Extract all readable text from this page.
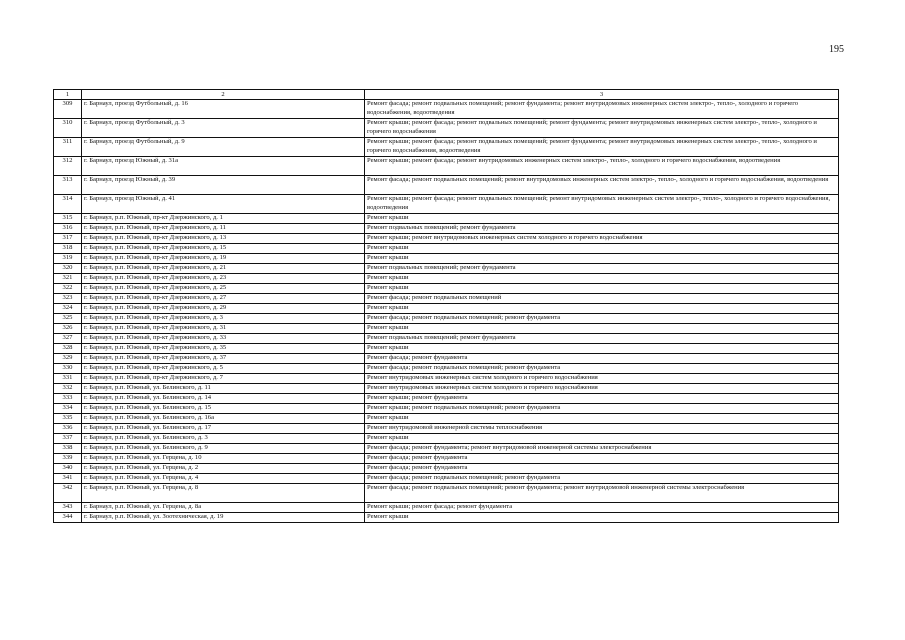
195
1	2	3
309	г. Барнаул, проезд Футбольный, д. 16	Ремонт фасада; ремонт подвальных помещений; ремонт фундамента; ремонт внутридомовых инженерных систем электро-, тепло-, холодного и горячего водоснабжения, водоотведения
310	г. Барнаул, проезд Футбольный, д. 3	Ремонт крыши; ремонт фасада; ремонт подвальных помещений; ремонт фундамента; ремонт внутридомовых инженерных систем электро-, тепло-, холодного и горячего водоснабжения
311	г. Барнаул, проезд Футбольный, д. 9	Ремонт крыши; ремонт фасада; ремонт подвальных помещений; ремонт фундамента; ремонт внутридомовых инженерных систем электро-, тепло-, холодного и горячего водоснабжения, водоотведения
312	г. Барнаул, проезд Южный, д. 31а	Ремонт крыши; ремонт фасада; ремонт внутридомовых инженерных систем электро-, тепло-, холодного и горячего водоснабжения, водоотведения
313	г. Барнаул, проезд Южный, д. 39	Ремонт фасада; ремонт подвальных помещений; ремонт внутридомовых инженерных систем электро-, тепло-, холодного и горячего водоснабжения, водоотведения
314	г. Барнаул, проезд Южный, д. 41	Ремонт крыши; ремонт фасада; ремонт подвальных помещений; ремонт внутридомовых инженерных систем электро-, тепло-, холодного и горячего водоснабжения, водоотведения
315	г. Барнаул, р.п. Южный, пр-кт Дзержинского, д. 1	Ремонт крыши
316	г. Барнаул, р.п. Южный, пр-кт Дзержинского, д. 11	Ремонт подвальных помещений; ремонт фундамента
317	г. Барнаул, р.п. Южный, пр-кт Дзержинского, д. 13	Ремонт крыши; ремонт внутридомовых инженерных систем холодного и горячего водоснабжения
318	г. Барнаул, р.п. Южный, пр-кт Дзержинского, д. 15	Ремонт крыши
319	г. Барнаул, р.п. Южный, пр-кт Дзержинского, д. 19	Ремонт крыши
320	г. Барнаул, р.п. Южный, пр-кт Дзержинского, д. 21	Ремонт подвальных помещений; ремонт фундамента
321	г. Барнаул, р.п. Южный, пр-кт Дзержинского, д. 23	Ремонт крыши
322	г. Барнаул, р.п. Южный, пр-кт Дзержинского, д. 25	Ремонт крыши
323	г. Барнаул, р.п. Южный, пр-кт Дзержинского, д. 27	Ремонт фасада; ремонт подвальных помещений
324	г. Барнаул, р.п. Южный, пр-кт Дзержинского, д. 29	Ремонт крыши
325	г. Барнаул, р.п. Южный, пр-кт Дзержинского, д. 3	Ремонт фасада; ремонт подвальных помещений; ремонт фундамента
326	г. Барнаул, р.п. Южный, пр-кт Дзержинского, д. 31	Ремонт крыши
327	г. Барнаул, р.п. Южный, пр-кт Дзержинского, д. 33	Ремонт подвальных помещений; ремонт фундамента
328	г. Барнаул, р.п. Южный, пр-кт Дзержинского, д. 35	Ремонт крыши
329	г. Барнаул, р.п. Южный, пр-кт Дзержинского, д. 37	Ремонт фасада; ремонт фундамента
330	г. Барнаул, р.п. Южный, пр-кт Дзержинского, д. 5	Ремонт фасада; ремонт подвальных помещений; ремонт фундамента
331	г. Барнаул, р.п. Южный, пр-кт Дзержинского, д. 7	Ремонт внутридомовых инженерных систем холодного и горячего водоснабжения
332	г. Барнаул, р.п. Южный, ул. Белинского, д. 11	Ремонт внутридомовых инженерных систем холодного и горячего водоснабжения
333	г. Барнаул, р.п. Южный, ул. Белинского, д. 14	Ремонт крыши; ремонт фундамента
334	г. Барнаул, р.п. Южный, ул. Белинского, д. 15	Ремонт крыши; ремонт подвальных помещений; ремонт фундамента
335	г. Барнаул, р.п. Южный, ул. Белинского, д. 16а	Ремонт крыши
336	г. Барнаул, р.п. Южный, ул. Белинского, д. 17	Ремонт внутридомовой инженерной системы теплоснабжения
337	г. Барнаул, р.п. Южный, ул. Белинского, д. 3	Ремонт крыши
338	г. Барнаул, р.п. Южный, ул. Белинского, д. 9	Ремонт фасада; ремонт фундамента; ремонт внутридомовой инженерной системы электроснабжения
339	г. Барнаул, р.п. Южный, ул. Герцена, д. 10	Ремонт фасада; ремонт фундамента
340	г. Барнаул, р.п. Южный, ул. Герцена, д. 2	Ремонт фасада; ремонт фундамента
341	г. Барнаул, р.п. Южный, ул. Герцена, д. 4	Ремонт фасада; ремонт подвальных помещений; ремонт фундамента
342	г. Барнаул, р.п. Южный, ул. Герцена, д. 8	Ремонт фасада; ремонт подвальных помещений; ремонт фундамента; ремонт внутридомовой инженерной системы электроснабжения
343	г. Барнаул, р.п. Южный, ул. Герцена, д. 8а	Ремонт крыши; ремонт фасада; ремонт фундамента
344	г. Барнаул, р.п. Южный, ул. Зоотехническая, д. 19	Ремонт крыши
